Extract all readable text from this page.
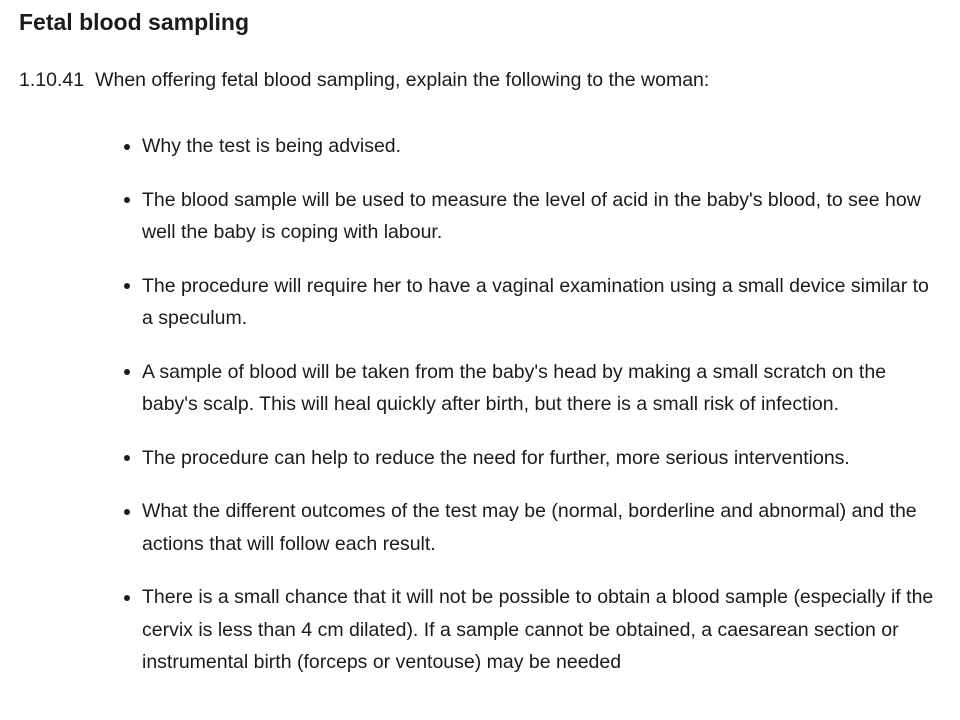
Fetal blood sampling
1.10.41 When offering fetal blood sampling, explain the following to the woman:
Why the test is being advised.
The blood sample will be used to measure the level of acid in the baby's blood, to see how well the baby is coping with labour.
The procedure will require her to have a vaginal examination using a small device similar to a speculum.
A sample of blood will be taken from the baby's head by making a small scratch on the baby's scalp. This will heal quickly after birth, but there is a small risk of infection.
The procedure can help to reduce the need for further, more serious interventions.
What the different outcomes of the test may be (normal, borderline and abnormal) and the actions that will follow each result.
There is a small chance that it will not be possible to obtain a blood sample (especially if the cervix is less than 4 cm dilated). If a sample cannot be obtained, a caesarean section or instrumental birth (forceps or ventouse) may be needed
